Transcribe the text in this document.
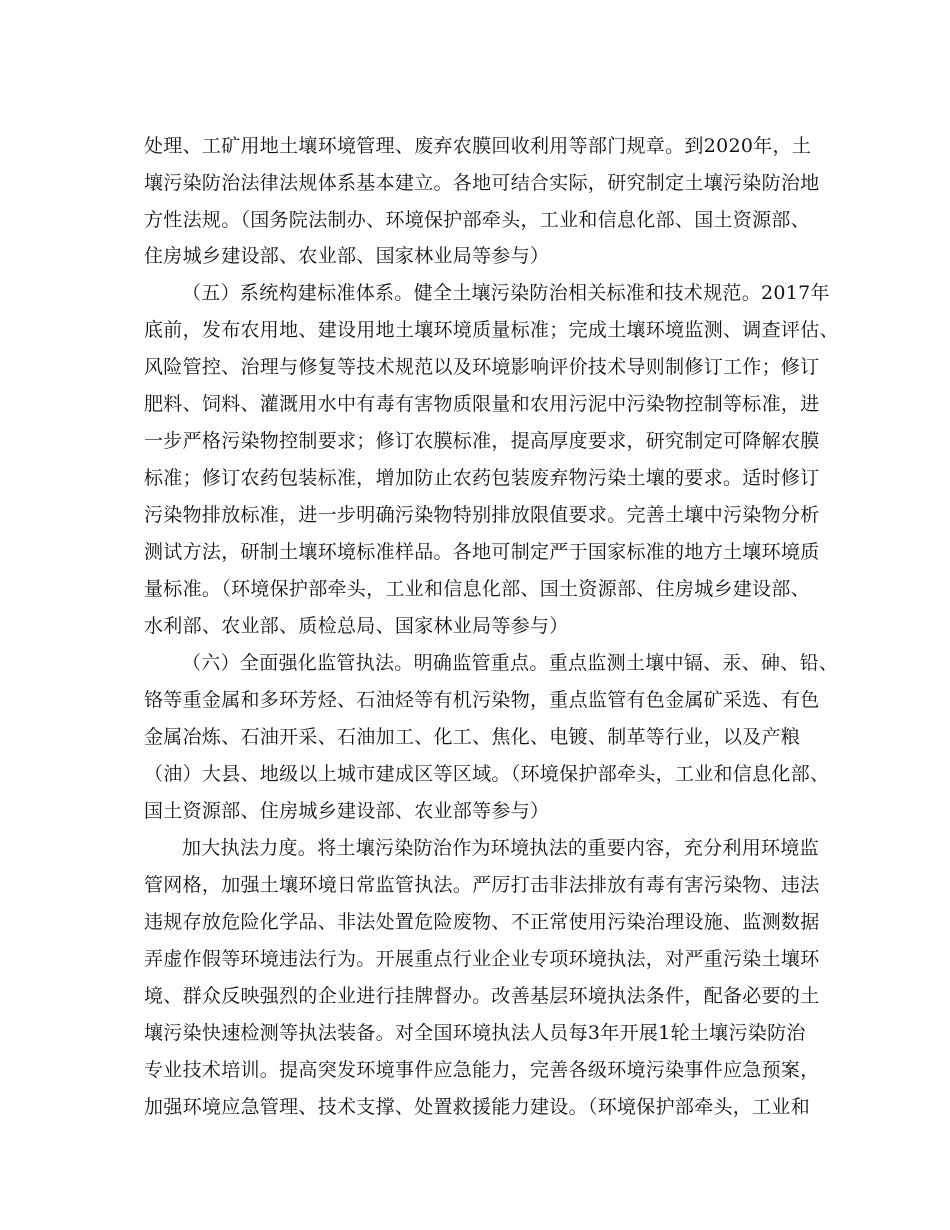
处理、工矿用地土壤环境管理、废弃农膜回收利用等部门规章。到2020年，土
壤污染防治法律法规体系基本建立。各地可结合实际，研究制定土壤污染防治地
方性法规。（国务院法制办、环境保护部牵头，工业和信息化部、国土资源部、
住房城乡建设部、农业部、国家林业局等参与）
（五）系统构建标准体系。健全土壤污染防治相关标准和技术规范。2017年
底前，发布农用地、建设用地土壤环境质量标准；完成土壤环境监测、调查评估、
风险管控、治理与修复等技术规范以及环境影响评价技术导则制修订工作；修订
肥料、饲料、灌溉用水中有毒有害物质限量和农用污泥中污染物控制等标准，进
一步严格污染物控制要求；修订农膜标准，提高厚度要求，研究制定可降解农膜
标准；修订农药包装标准，增加防止农药包装废弃物污染土壤的要求。适时修订
污染物排放标准，进一步明确污染物特别排放限值要求。完善土壤中污染物分析
测试方法，研制土壤环境标准样品。各地可制定严于国家标准的地方土壤环境质
量标准。（环境保护部牵头，工业和信息化部、国土资源部、住房城乡建设部、
水利部、农业部、质检总局、国家林业局等参与）
（六）全面强化监管执法。明确监管重点。重点监测土壤中镉、汞、砷、铅、
铬等重金属和多环芳烃、石油烃等有机污染物，重点监管有色金属矿采选、有色
金属冶炼、石油开采、石油加工、化工、焦化、电镀、制革等行业，以及产粮
（油）大县、地级以上城市建成区等区域。（环境保护部牵头，工业和信息化部、
国土资源部、住房城乡建设部、农业部等参与）
加大执法力度。将土壤污染防治作为环境执法的重要内容，充分利用环境监
管网格，加强土壤环境日常监管执法。严厉打击非法排放有毒有害污染物、违法
违规存放危险化学品、非法处置危险废物、不正常使用污染治理设施、监测数据
弄虚作假等环境违法行为。开展重点行业企业专项环境执法，对严重污染土壤环
境、群众反映强烈的企业进行挂牌督办。改善基层环境执法条件，配备必要的土
壤污染快速检测等执法装备。对全国环境执法人员每3年开展1轮土壤污染防治
专业技术培训。提高突发环境事件应急能力，完善各级环境污染事件应急预案，
加强环境应急管理、技术支撑、处置救援能力建设。（环境保护部牵头，工业和
